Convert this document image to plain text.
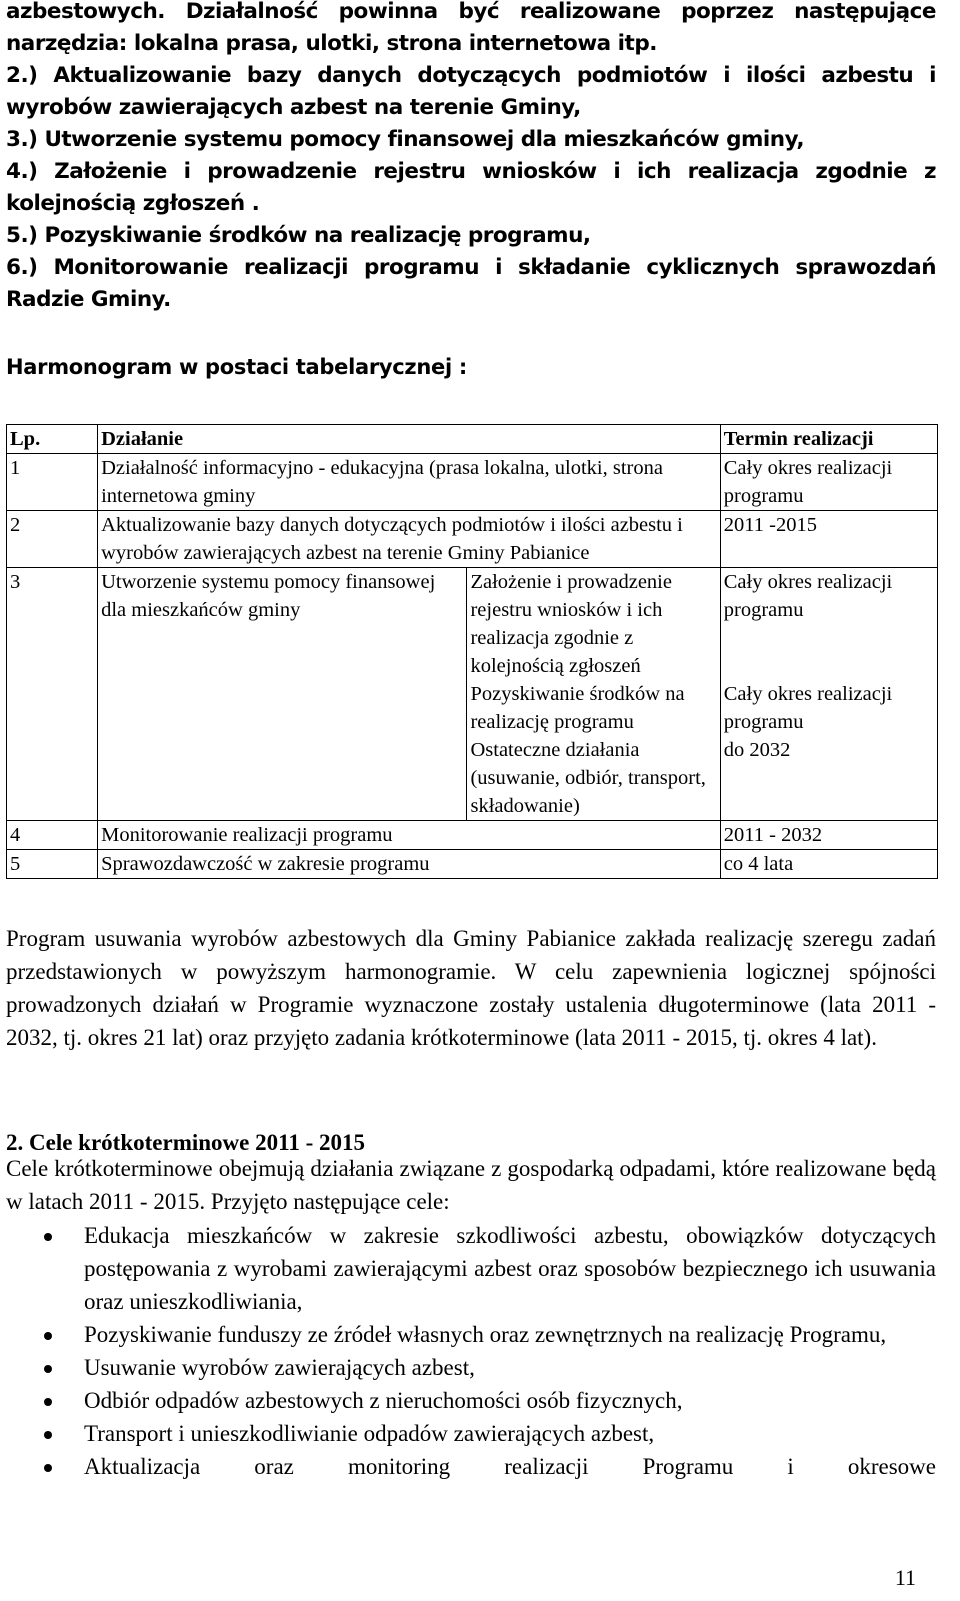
azbestowych. Działalność powinna być realizowane poprzez następujące narzędzia: lokalna prasa, ulotki, strona internetowa itp.

2.) Aktualizowanie bazy danych dotyczących podmiotów i ilości azbestu i wyrobów zawierających azbest na terenie Gminy,

3.) Utworzenie systemu pomocy finansowej dla mieszkańców gminy,

4.) Założenie i prowadzenie rejestru wniosków i ich realizacja zgodnie z kolejnością zgłoszeń .

5.) Pozyskiwanie środków na realizację programu,

6.) Monitorowanie realizacji programu i składanie cyklicznych sprawozdań Radzie Gminy.

Harmonogram w postaci tabelarycznej :
Lp.	Działanie		Termin realizacji
1	Działalność informacyjno - edukacyjna (prasa lokalna, ulotki, strona internetowa gminy		Cały okres realizacji programu
2	Aktualizowanie bazy danych dotyczących podmiotów i ilości azbestu i wyrobów zawierających azbest na terenie Gminy Pabianice		2011 -2015
3	Utworzenie systemu pomocy finansowej dla mieszkańców gminy	Założenie i prowadzenie rejestru wniosków i ich realizacja zgodnie z kolejnością zgłoszeń	Cały okres realizacji programu
		Pozyskiwanie środków na realizację programu	Cały okres realizacji programu
		Ostateczne działania (usuwanie, odbiór, transport, składowanie)	do 2032
4	Monitorowanie realizacji programu		2011 - 2032
5	Sprawozdawczość w zakresie programu		co 4 lata

Program usuwania wyrobów azbestowych dla Gminy Pabianice zakłada realizację szeregu zadań przedstawionych w powyższym harmonogramie. W celu zapewnienia logicznej spójności prowadzonych działań w Programie wyznaczone zostały ustalenia długoterminowe (lata 2011 - 2032, tj. okres 21 lat) oraz przyjęto zadania krótkoterminowe (lata 2011 - 2015, tj. okres 4 lat).

2. Cele krótkoterminowe 2011 - 2015

Cele krótkoterminowe obejmują działania związane z gospodarką odpadami, które realizowane będą w latach 2011 - 2015. Przyjęto następujące cele:

Edukacja mieszkańców w zakresie szkodliwości azbestu, obowiązków dotyczących postępowania z wyrobami zawierającymi azbest oraz sposobów bezpiecznego ich usuwania oraz unieszkodliwiania,
Pozyskiwanie funduszy ze źródeł własnych oraz zewnętrznych na realizację Programu,
Usuwanie wyrobów zawierających azbest,
Odbiór odpadów azbestowych z nieruchomości osób fizycznych,
Transport i unieszkodliwianie odpadów zawierających azbest,
Aktualizacja oraz monitoring realizacji Programu i okresowe
11
